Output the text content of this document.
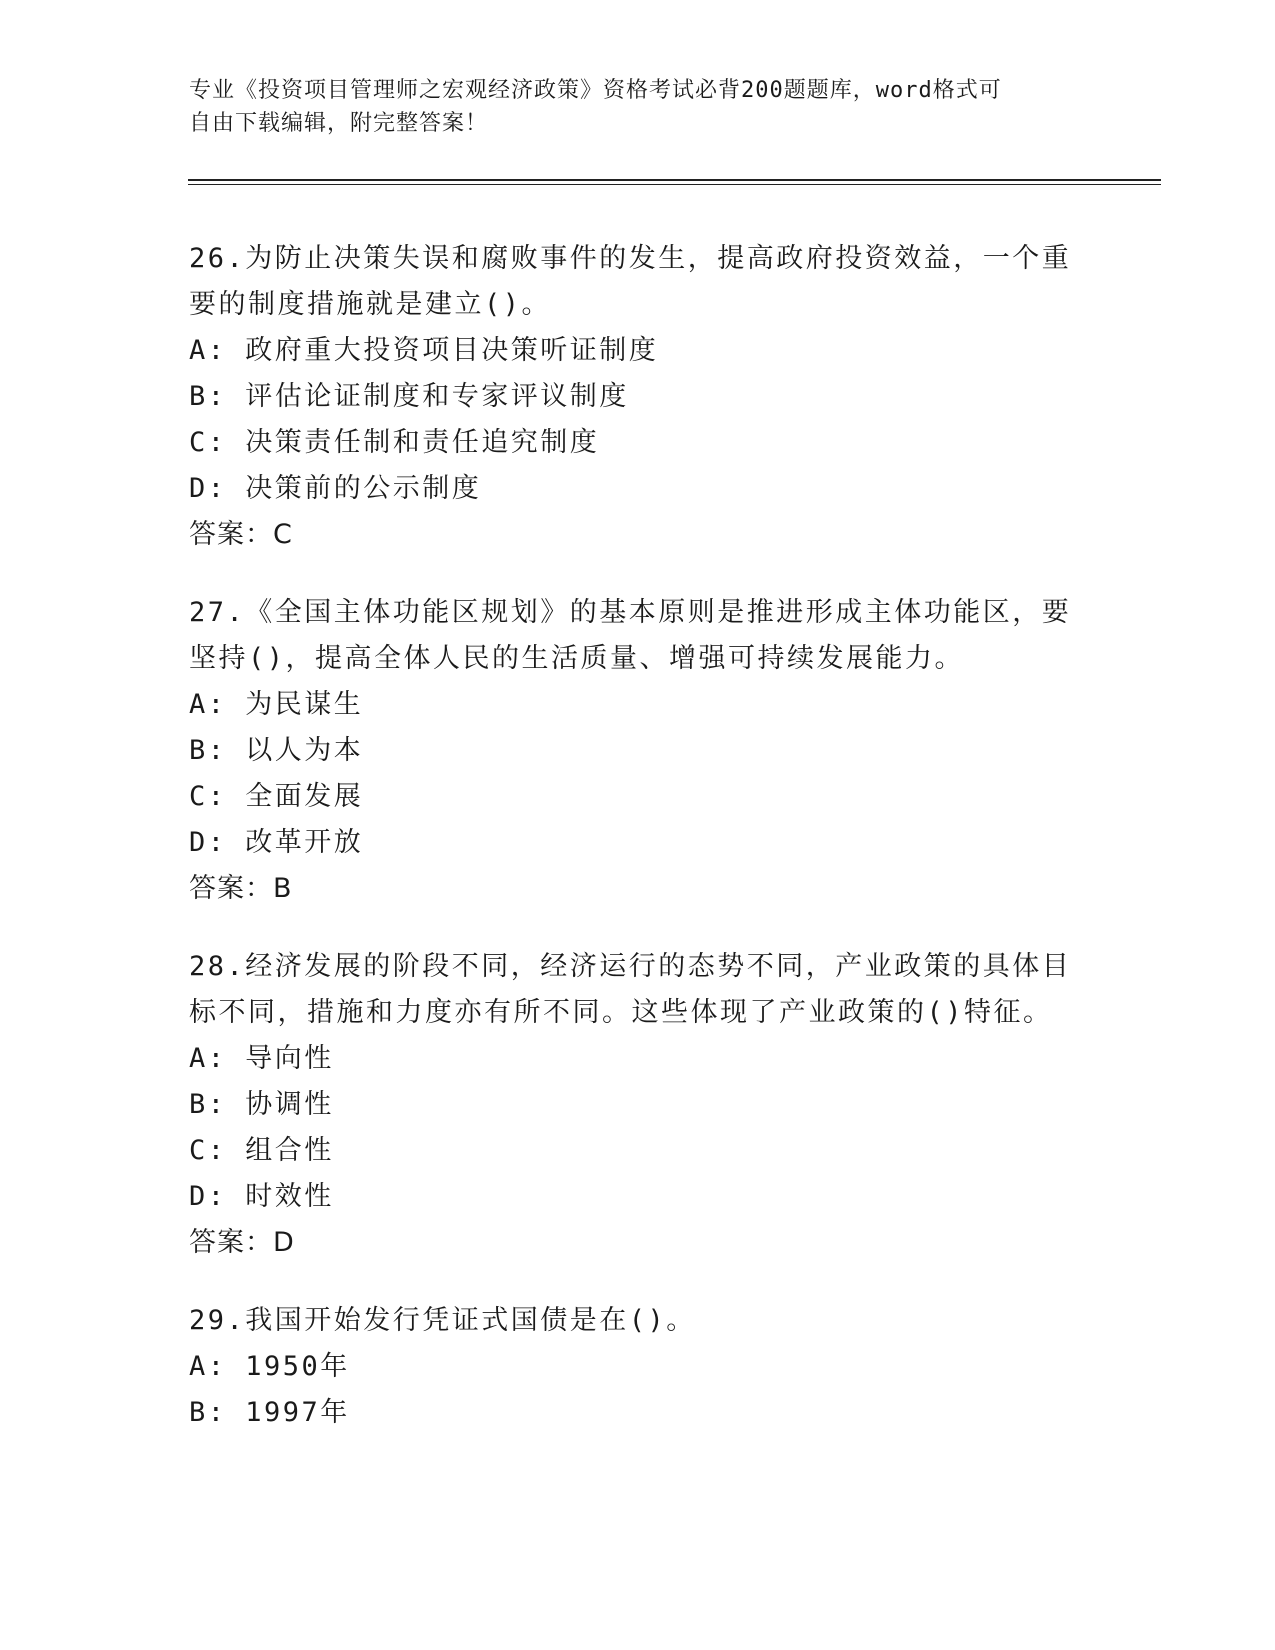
专业《投资项目管理师之宏观经济政策》资格考试必背200题题库，word格式可
自由下载编辑，附完整答案！
26.为防止决策失误和腐败事件的发生，提高政府投资效益，一个重要的制度措施就是建立()。
A: 政府重大投资项目决策听证制度
B: 评估论证制度和专家评议制度
C: 决策责任制和责任追究制度
D: 决策前的公示制度
答案：C
27.《全国主体功能区规划》的基本原则是推进形成主体功能区，要坚持()，提高全体人民的生活质量、增强可持续发展能力。
A: 为民谋生
B: 以人为本
C: 全面发展
D: 改革开放
答案：B
28.经济发展的阶段不同，经济运行的态势不同，产业政策的具体目标不同，措施和力度亦有所不同。这些体现了产业政策的()特征。
A: 导向性
B: 协调性
C: 组合性
D: 时效性
答案：D
29.我国开始发行凭证式国债是在()。
A: 1950年
B: 1997年
